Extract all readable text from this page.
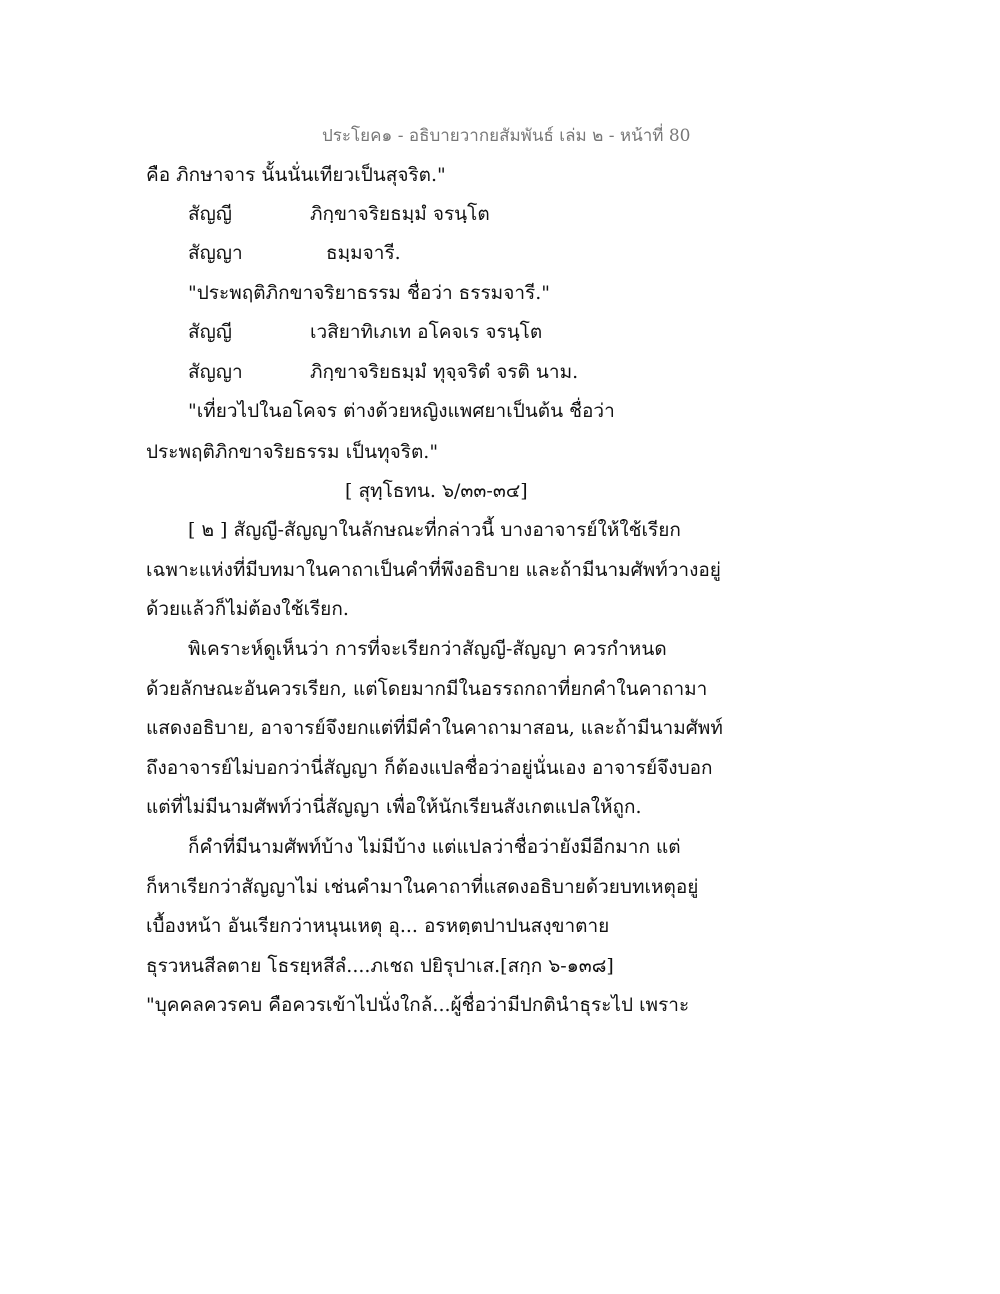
ประโยค๑ - อธิบายวากยสัมพันธ์ เล่ม ๒ - หน้าที่ 80
คือ ภิกษาจาร นั้นนั่นเทียวเป็นสุจริต."
สัญญี	ภิกฺขาจริยธมฺมํ จรนฺโต
สัญญา	ธมฺมจารี.
"ประพฤติภิกขาจริยาธรรม ชื่อว่า ธรรมจารี."
สัญญี	เวสิยาทิเภเท อโคจเร จรนฺโต
สัญญา	ภิกฺขาจริยธมฺมํ ทุจฺจริตํ จรติ นาม.
"เที่ยวไปในอโคจร ต่างด้วยหญิงแพศยาเป็นต้น ชื่อว่า
ประพฤติภิกขาจริยธรรม เป็นทุจริต."
[ สุทฺโธทน. ๖/๓๓-๓๔]
[ ๒ ] สัญญี-สัญญาในลักษณะที่กล่าวนี้ บางอาจารย์ให้ใช้เรียก
เฉพาะแห่งที่มีบทมาในคาถาเป็นคำที่พึงอธิบาย และถ้ามีนามศัพท์วางอยู่
ด้วยแล้วก็ไม่ต้องใช้เรียก.
พิเคราะห์ดูเห็นว่า การที่จะเรียกว่าสัญญี-สัญญา ควรกำหนด
ด้วยลักษณะอันควรเรียก, แต่โดยมากมีในอรรถกถาที่ยกคำในคาถามา
แสดงอธิบาย, อาจารย์จึงยกแต่ที่มีคำในคาถามาสอน, และถ้ามีนามศัพท์
ถึงอาจารย์ไม่บอกว่านี่สัญญา ก็ต้องแปลชื่อว่าอยู่นั่นเอง อาจารย์จึงบอก
แต่ที่ไม่มีนามศัพท์ว่านี่สัญญา เพื่อให้นักเรียนสังเกตแปลให้ถูก.
ก็คำที่มีนามศัพท์บ้าง ไม่มีบ้าง แต่แปลว่าชื่อว่ายังมีอีกมาก แต่
ก็หาเรียกว่าสัญญาไม่ เช่นคำมาในคาถาที่แสดงอธิบายด้วยบทเหตุอยู่
เบื้องหน้า อันเรียกว่าหนุนเหตุ อุ... อรหตฺตปาปนสงฺขาตาย
ธุรวหนสีลตาย โธรยฺหสีลํ....ภเชถ ปยิรุปาเส.[สกฺก ๖-๑๓๘]
"บุคคลควรคบ คือควรเข้าไปนั่งใกล้...ผู้ชื่อว่ามีปกตินำธุระไป เพราะ
